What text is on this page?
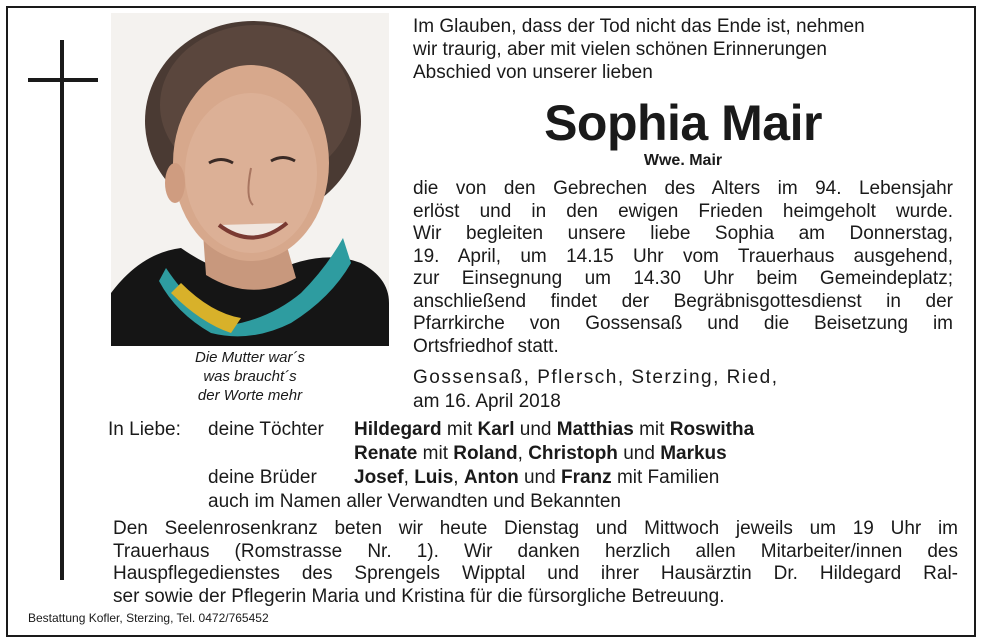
Die Mutter war´s
was braucht´s
der Worte mehr
Im Glauben, dass der Tod nicht das Ende ist, nehmen
wir traurig, aber mit vielen schönen Erinnerungen
Abschied von unserer lieben
Sophia Mair
Wwe. Mair
die von den Gebrechen des Alters im 94. Lebensjahr
erlöst und in den ewigen Frieden heimgeholt wurde.
Wir begleiten unsere liebe Sophia am Donnerstag,
19. April, um 14.15 Uhr vom Trauerhaus ausgehend,
zur Einsegnung um 14.30 Uhr beim Gemeindeplatz;
anschließend findet der Begräbnisgottesdienst in der
Pfarrkirche von Gossensaß und die Beisetzung im
Ortsfriedhof statt.
Gossensaß, Pflersch, Sterzing, Ried,
am 16. April 2018
In Liebe: deine Töchter Hildegard mit Karl und Matthias mit Roswitha
Renate mit Roland, Christoph und Markus
deine Brüder Josef, Luis, Anton und Franz mit Familien
auch im Namen aller Verwandten und Bekannten
Den Seelenrosenkranz beten wir heute Dienstag und Mittwoch jeweils um 19 Uhr im
Trauerhaus (Romstrasse Nr. 1). Wir danken herzlich allen Mitarbeiter/innen des
Hauspflegedienstes des Sprengels Wipptal und ihrer Hausärztin Dr. Hildegard Ral-
ser sowie der Pflegerin Maria und Kristina für die fürsorgliche Betreuung.
Bestattung Kofler, Sterzing, Tel. 0472/765452
